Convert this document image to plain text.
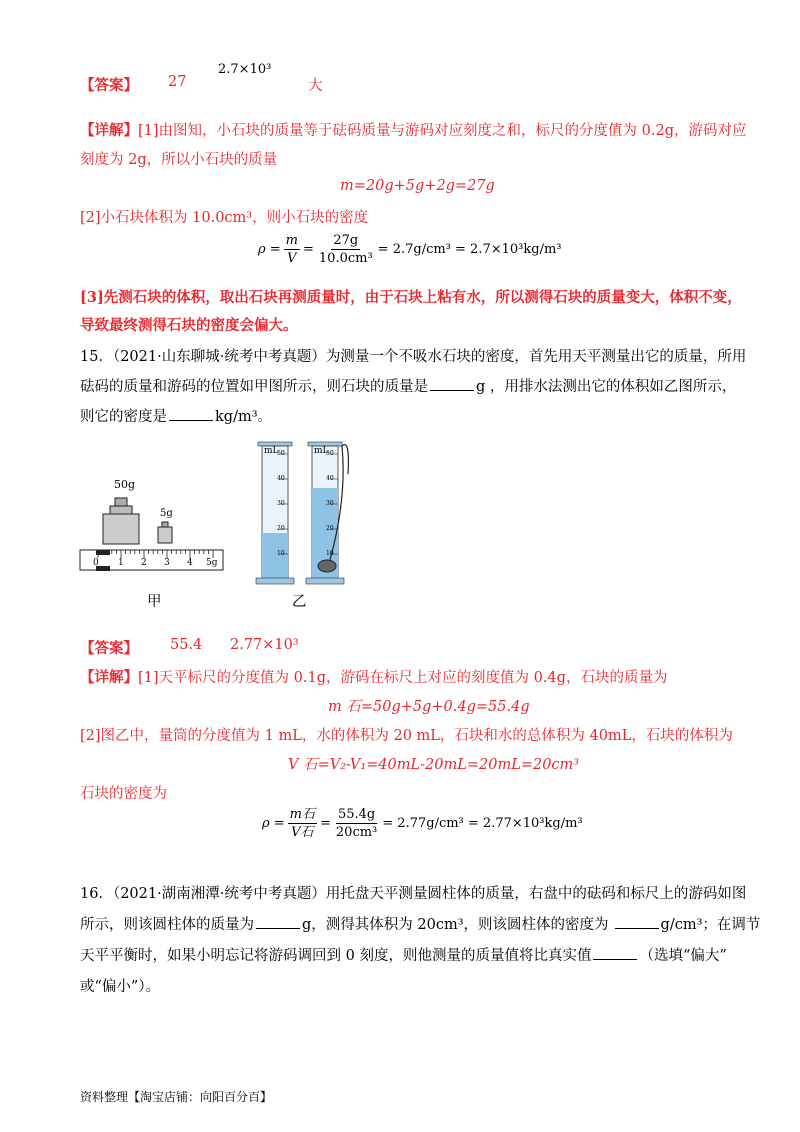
【答案】 27
2.7×10³
大
【详解】[1]由图知，小石块的质量等于砝码质量与游码对应刻度之和，标尺的分度值为 0.2g，游码对应
刻度为 2g，所以小石块的质量
m=20g+5g+2g=27g
[2]小石块体积为 10.0cm³，则小石块的密度
$\rho = \frac{m}{V} = \frac{27g}{\text{10.0cm³}} = 2.7g/cm^3 = 2.7\times 10^3kg/m^3$
[3]先测石块的体积，取出石块再测质量时，由于石块上粘有水，所以测得石块的质量变大，体积不变，
导致最终测得石块的密度会偏大。
15．（2021·山东聊城·统考中考真题）为测量一个不吸水石块的密度，首先用天平测量出它的质量，所用
砝码的质量和游码的位置如甲图所示，则石块的质量是	g ，用排水法测出它的体积如乙图所示，
则它的密度是	kg/m³。
50g
5g
0 1 2 3 4 5g
甲
mL	mL
50
40
30
20
10
50
40
30
20
10
乙
【答案】 55.4 2.77×10³
【详解】[1]天平标尺的分度值为 0.1g，游码在标尺上对应的刻度值为 0.4g，石块的质量为
m 石=50g+5g+0.4g=55.4g
[2]图乙中，量筒的分度值为 1 mL，水的体积为 20 mL，石块和水的总体积为 40mL，石块的体积为
V 石=V₂-V₁=40mL-20mL=20mL=20cm³
石块的密度为
$\rho = \frac{\text{m石}}{\text{V石}} = \frac{55.4g}{\text{20cm³}} = 2.77g/cm^3 = 2.77\times 10^3kg/m^3$
16．（2021·湖南湘潭·统考中考真题）用托盘天平测量圆柱体的质量，右盘中的砝码和标尺上的游码如图
所示，则该圆柱体的质量为	g，测得其体积为 20cm³，则该圆柱体的密度为	g/cm³；在调节
天平平衡时，如果小明忘记将游码调回到 0 刻度，则他测量的质量值将比真实值	（选填“偏大”
或“偏小”）。
资料整理【淘宝店铺：向阳百分百】
